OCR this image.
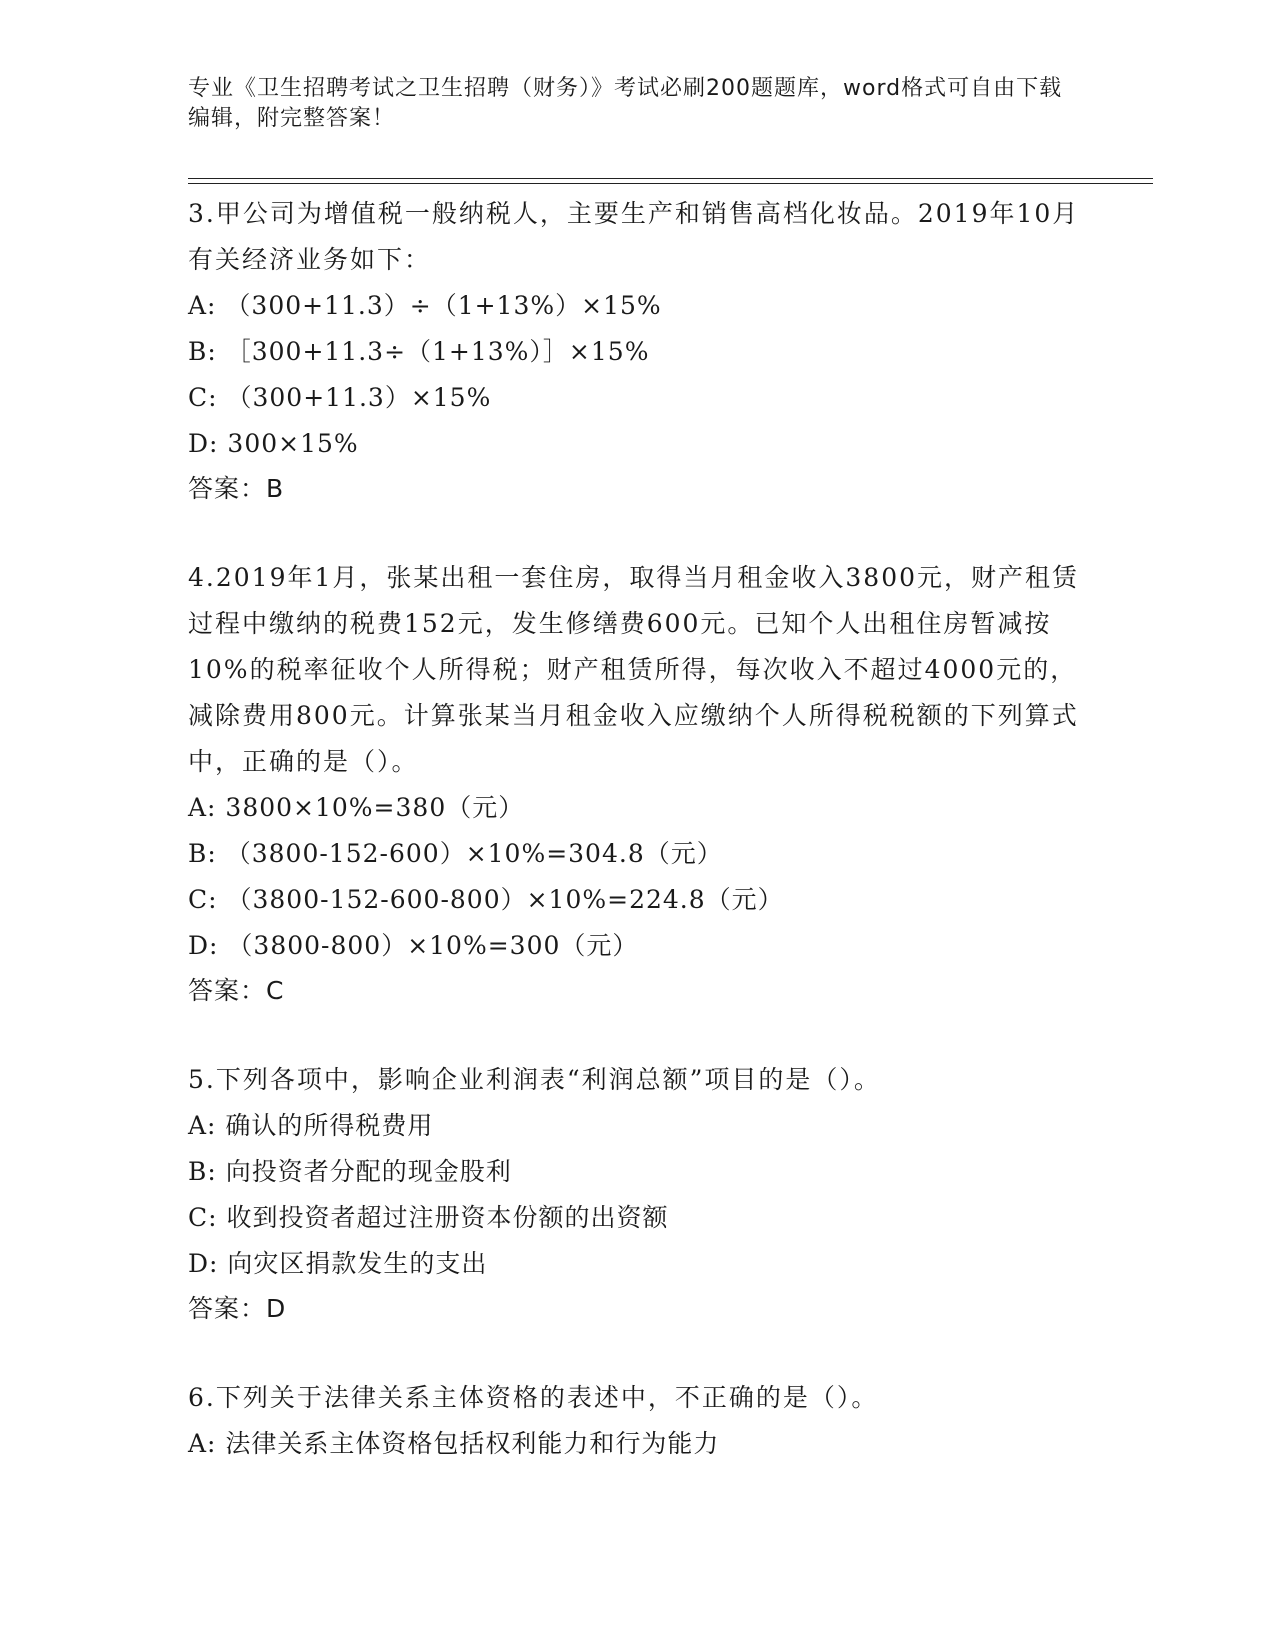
专业《卫生招聘考试之卫生招聘（财务）》考试必刷200题题库，word格式可自由下载编辑，附完整答案！
3.甲公司为增值税一般纳税人，主要生产和销售高档化妆品。2019年10月有关经济业务如下：
A: （300+11.3）÷（1+13%）×15%
B: ［300+11.3÷（1+13%）］×15%
C: （300+11.3）×15%
D: 300×15%
答案：B
4.2019年1月，张某出租一套住房，取得当月租金收入3800元，财产租赁过程中缴纳的税费152元，发生修缮费600元。已知个人出租住房暂减按10%的税率征收个人所得税；财产租赁所得，每次收入不超过4000元的，减除费用800元。计算张某当月租金收入应缴纳个人所得税税额的下列算式中，正确的是（）。
A: 3800×10%=380（元）
B: （3800-152-600）×10%=304.8（元）
C: （3800-152-600-800）×10%=224.8（元）
D: （3800-800）×10%=300（元）
答案：C
5.下列各项中，影响企业利润表“利润总额”项目的是（）。
A: 确认的所得税费用
B: 向投资者分配的现金股利
C: 收到投资者超过注册资本份额的出资额
D: 向灾区捐款发生的支出
答案：D
6.下列关于法律关系主体资格的表述中，不正确的是（）。
A: 法律关系主体资格包括权利能力和行为能力
